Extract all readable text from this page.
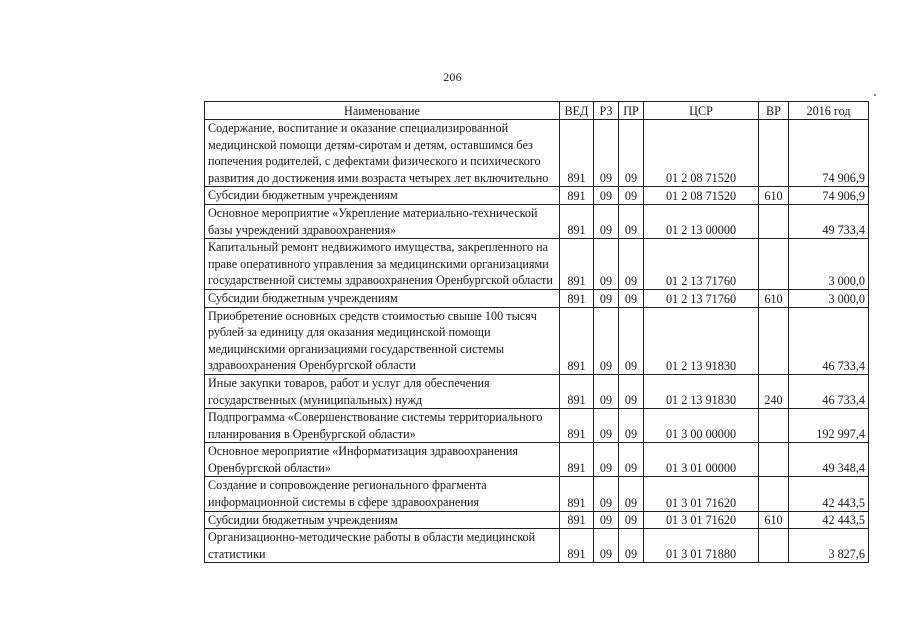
206
Наименование	ВЕД	РЗ	ПР	ЦСР	ВР	2016 год
Содержание, воспитание и оказание специализированной медицинской помощи детям-сиротам и детям, оставшимся без попечения родителей, с дефектами физического и психического развития до достижения ими возраста четырех лет включительно	891	09	09	01 2 08 71520		74 906,9
Субсидии бюджетным учреждениям	891	09	09	01 2 08 71520	610	74 906,9
Основное мероприятие «Укрепление материально-технической базы учреждений здравоохранения»	891	09	09	01 2 13 00000		49 733,4
Капитальный ремонт недвижимого имущества, закрепленного на праве оперативного управления за медицинскими организациями государственной системы здравоохранения Оренбургской области	891	09	09	01 2 13 71760		3 000,0
Субсидии бюджетным учреждениям	891	09	09	01 2 13 71760	610	3 000,0
Приобретение основных средств стоимостью свыше 100 тысяч рублей за единицу для оказания медицинской помощи медицинскими организациями государственной системы здравоохранения Оренбургской области	891	09	09	01 2 13 91830		46 733,4
Иные закупки товаров, работ и услуг для обеспечения государственных (муниципальных) нужд	891	09	09	01 2 13 91830	240	46 733,4
Подпрограмма «Совершенствование системы территориального планирования в Оренбургской области»	891	09	09	01 3 00 00000		192 997,4
Основное мероприятие «Информатизация здравоохранения Оренбургской области»	891	09	09	01 3 01 00000		49 348,4
Создание и сопровождение регионального фрагмента информационной системы в сфере здравоохранения	891	09	09	01 3 01 71620		42 443,5
Субсидии бюджетным учреждениям	891	09	09	01 3 01 71620	610	42 443,5
Организационно-методические работы в области медицинской статистики	891	09	09	01 3 01 71880		3 827,6
